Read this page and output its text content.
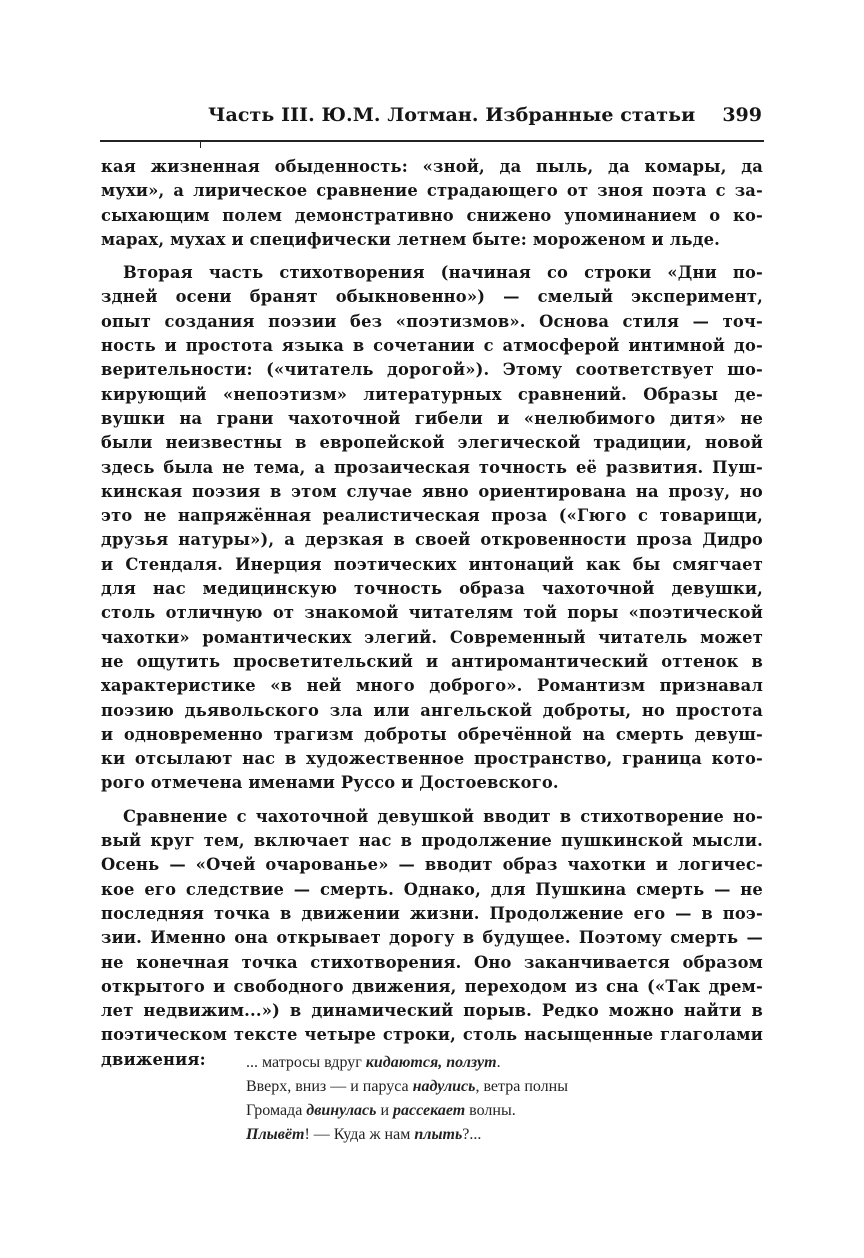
Часть III. Ю.М. Лотман. Избранные статьи 399
кая жизненная обыденность: «зной, да пыль, да комары, да
мухи», а лирическое сравнение страдающего от зноя поэта с за-
сыхающим полем демонстративно снижено упоминанием о ко-
марах, мухах и специфически летнем быте: мороженом и льде.
Вторая часть стихотворения (начиная со строки «Дни по-
здней осени бранят обыкновенно») — смелый эксперимент,
опыт создания поэзии без «поэтизмов». Основа стиля — точ-
ность и простота языка в сочетании с атмосферой интимной до-
верительности: («читатель дорогой»). Этому соответствует шо-
кирующий «непоэтизм» литературных сравнений. Образы де-
вушки на грани чахоточной гибели и «нелюбимого дитя» не
были неизвестны в европейской элегической традиции, новой
здесь была не тема, а прозаическая точность её развития. Пуш-
кинская поэзия в этом случае явно ориентирована на прозу, но
это не напряжённая реалистическая проза («Гюго с товарищи,
друзья натуры»), а дерзкая в своей откровенности проза Дидро
и Стендаля. Инерция поэтических интонаций как бы смягчает
для нас медицинскую точность образа чахоточной девушки,
столь отличную от знакомой читателям той поры «поэтической
чахотки» романтических элегий. Современный читатель может
не ощутить просветительский и антиромантический оттенок в
характеристике «в ней много доброго». Романтизм признавал
поэзию дьявольского зла или ангельской доброты, но простота
и одновременно трагизм доброты обречённой на смерть девуш-
ки отсылают нас в художественное пространство, граница кото-
рого отмечена именами Руссо и Достоевского.
Сравнение с чахоточной девушкой вводит в стихотворение но-
вый круг тем, включает нас в продолжение пушкинской мысли.
Осень — «Очей очарованье» — вводит образ чахотки и логичес-
кое его следствие — смерть. Однако, для Пушкина смерть — не
последняя точка в движении жизни. Продолжение его — в поэ-
зии. Именно она открывает дорогу в будущее. Поэтому смерть —
не конечная точка стихотворения. Оно заканчивается образом
открытого и свободного движения, переходом из сна («Так дрем-
лет недвижим...») в динамический порыв. Редко можно найти в
поэтическом тексте четыре строки, столь насыщенные глаголами
движения:	... матросы вдруг кидаются, ползут.
Вверх, вниз — и паруса надулись, ветра полны
Громада двинулась и рассекает волны.
Плывёт! — Куда ж нам плыть?...
